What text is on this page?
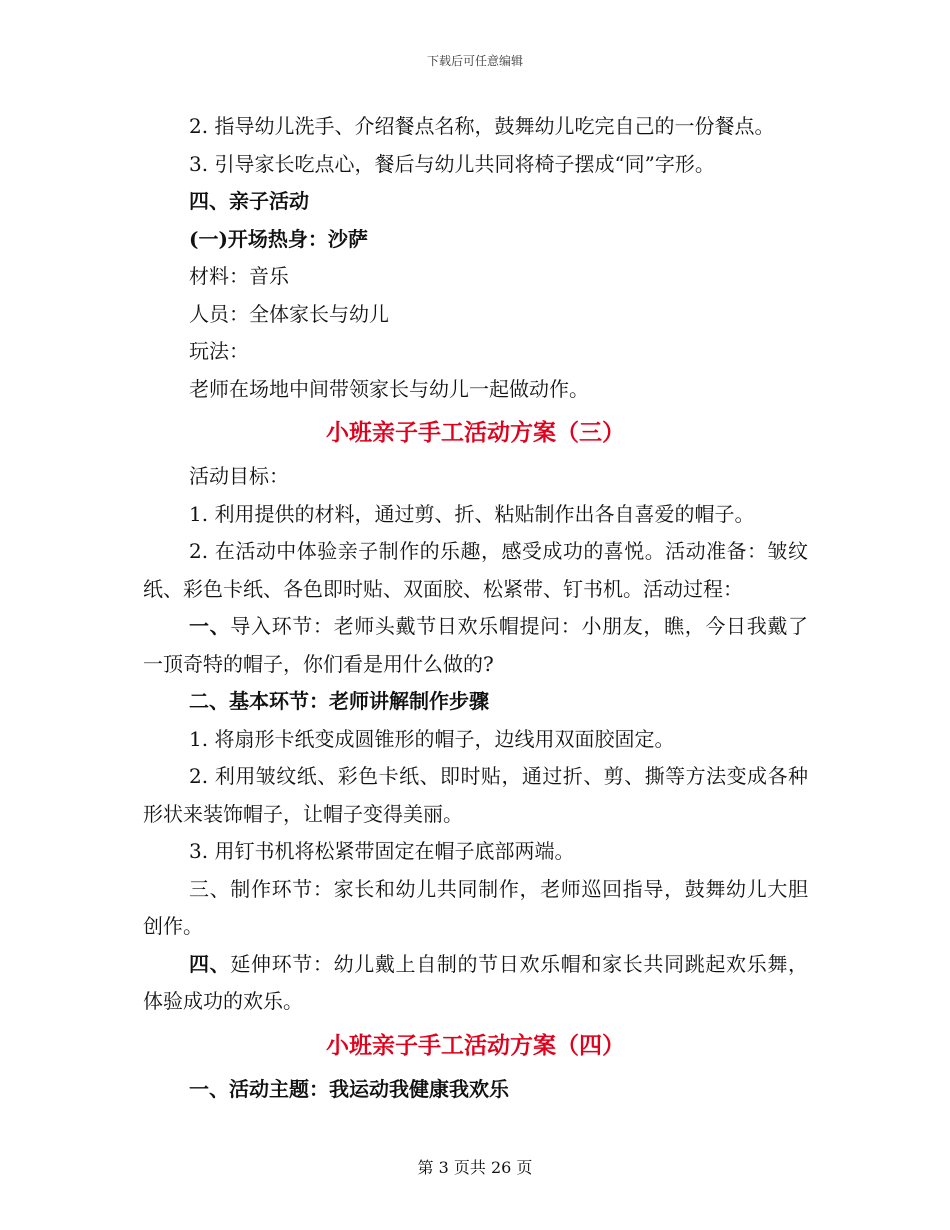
下载后可任意编辑

2. 指导幼儿洗手、介绍餐点名称，鼓舞幼儿吃完自己的一份餐点。

3. 引导家长吃点心，餐后与幼儿共同将椅子摆成“同”字形。

四、亲子活动

(一)开场热身：沙萨

材料：音乐

人员：全体家长与幼儿

玩法：

老师在场地中间带领家长与幼儿一起做动作。

小班亲子手工活动方案（三）

活动目标：

1. 利用提供的材料，通过剪、折、粘贴制作出各自喜爱的帽子。

2. 在活动中体验亲子制作的乐趣，感受成功的喜悦。活动准备：皱纹纸、彩色卡纸、各色即时贴、双面胶、松紧带、钉书机。活动过程：

一、导入环节：老师头戴节日欢乐帽提问：小朋友，瞧，今日我戴了一顶奇特的帽子，你们看是用什么做的?

二、基本环节：老师讲解制作步骤

1. 将扇形卡纸变成圆锥形的帽子，边线用双面胶固定。

2. 利用皱纹纸、彩色卡纸、即时贴，通过折、剪、撕等方法变成各种形状来装饰帽子，让帽子变得美丽。

3. 用钉书机将松紧带固定在帽子底部两端。

三、制作环节：家长和幼儿共同制作，老师巡回指导，鼓舞幼儿大胆创作。

四、延伸环节：幼儿戴上自制的节日欢乐帽和家长共同跳起欢乐舞，体验成功的欢乐。

小班亲子手工活动方案（四）

一、活动主题：我运动我健康我欢乐

第 3 页共 26 页
